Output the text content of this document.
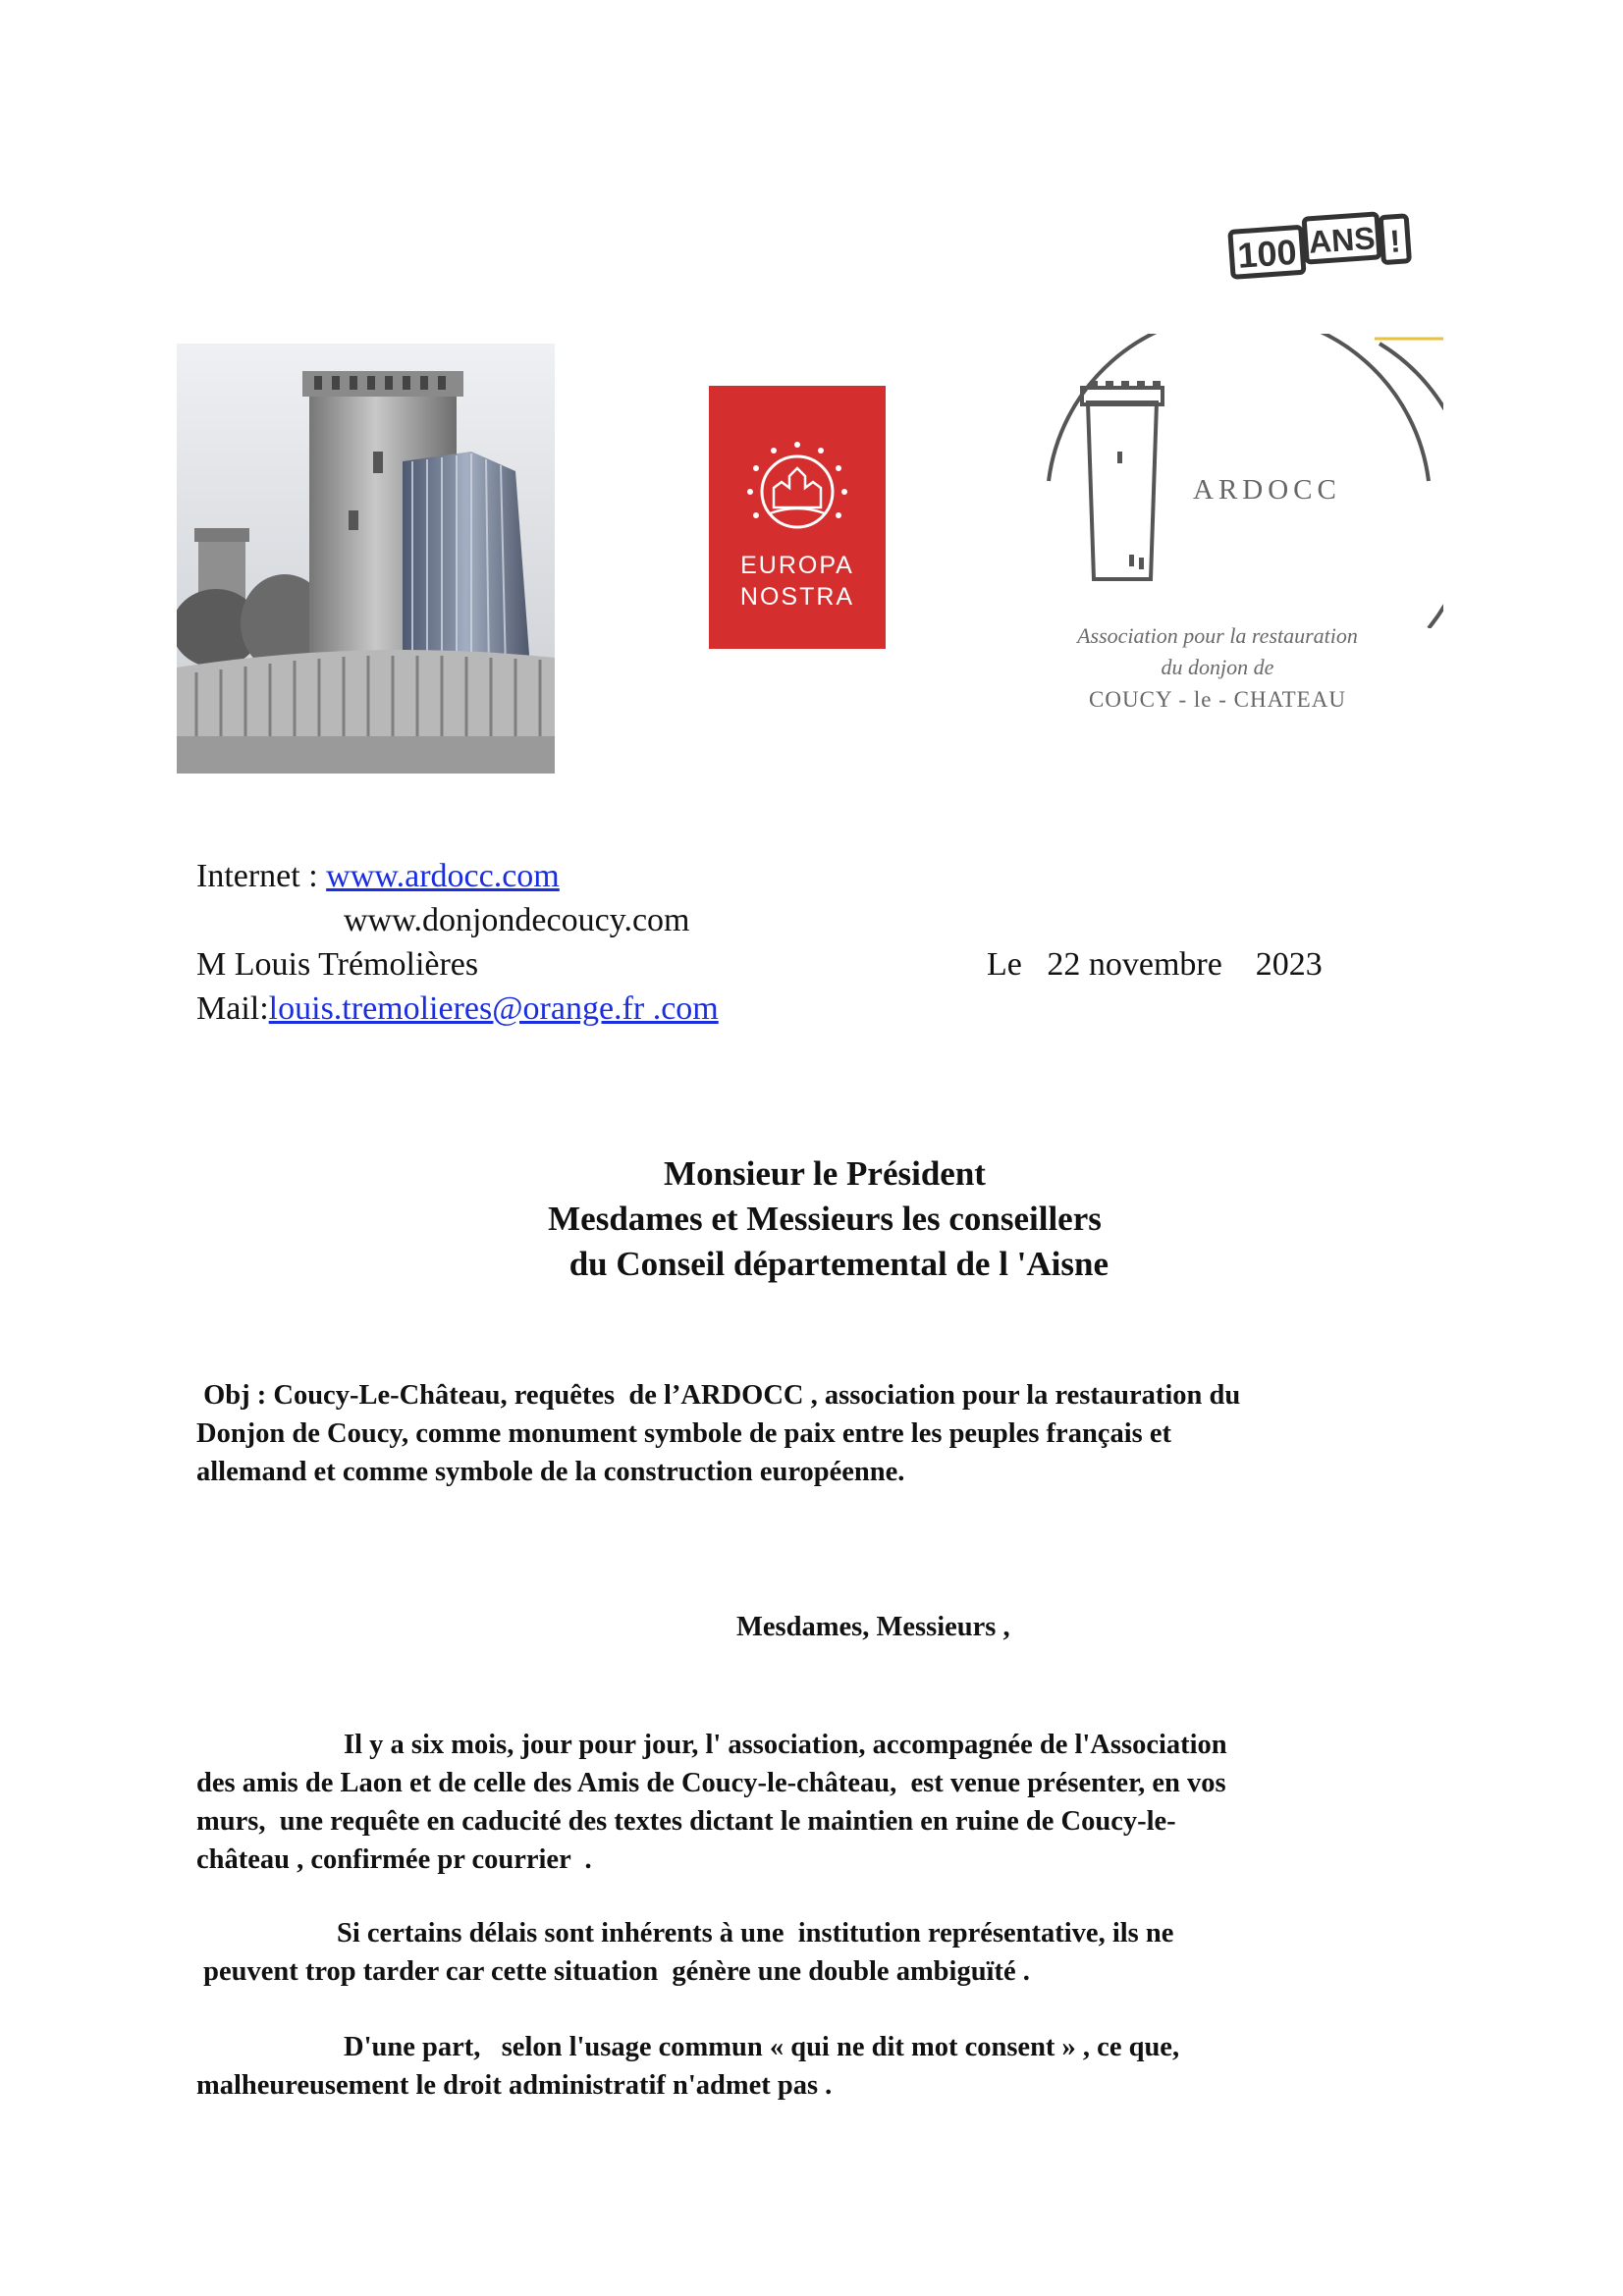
100 ANS !
EUROPA
NOSTRA
ARDOCC
Association pour la restauration
du donjon de
COUCY - le - CHATEAU
Internet : www.ardocc.com
www.donjondecoucy.com
M Louis Trémolières	Le   22 novembre    2023
Mail:louis.tremolieres@orange.fr .com
Monsieur le Président
Mesdames et Messieurs les conseillers
du Conseil départemental de l 'Aisne
Obj : Coucy-Le-Château, requêtes  de l’ARDOCC , association pour la restauration du
Donjon de Coucy, comme monument symbole de paix entre les peuples français et
allemand et comme symbole de la construction européenne.
Mesdames, Messieurs ,
Il y a six mois, jour pour jour, l' association, accompagnée de l'Association
des amis de Laon et de celle des Amis de Coucy-le-château,  est venue présenter, en vos
murs,  une requête en caducité des textes dictant le maintien en ruine de Coucy-le-
château , confirmée pr courrier  .
Si certains délais sont inhérents à une  institution représentative, ils ne
peuvent trop tarder car cette situation  génère une double ambiguïté .
D'une part,   selon l'usage commun « qui ne dit mot consent » , ce que,
malheureusement le droit administratif n'admet pas .
